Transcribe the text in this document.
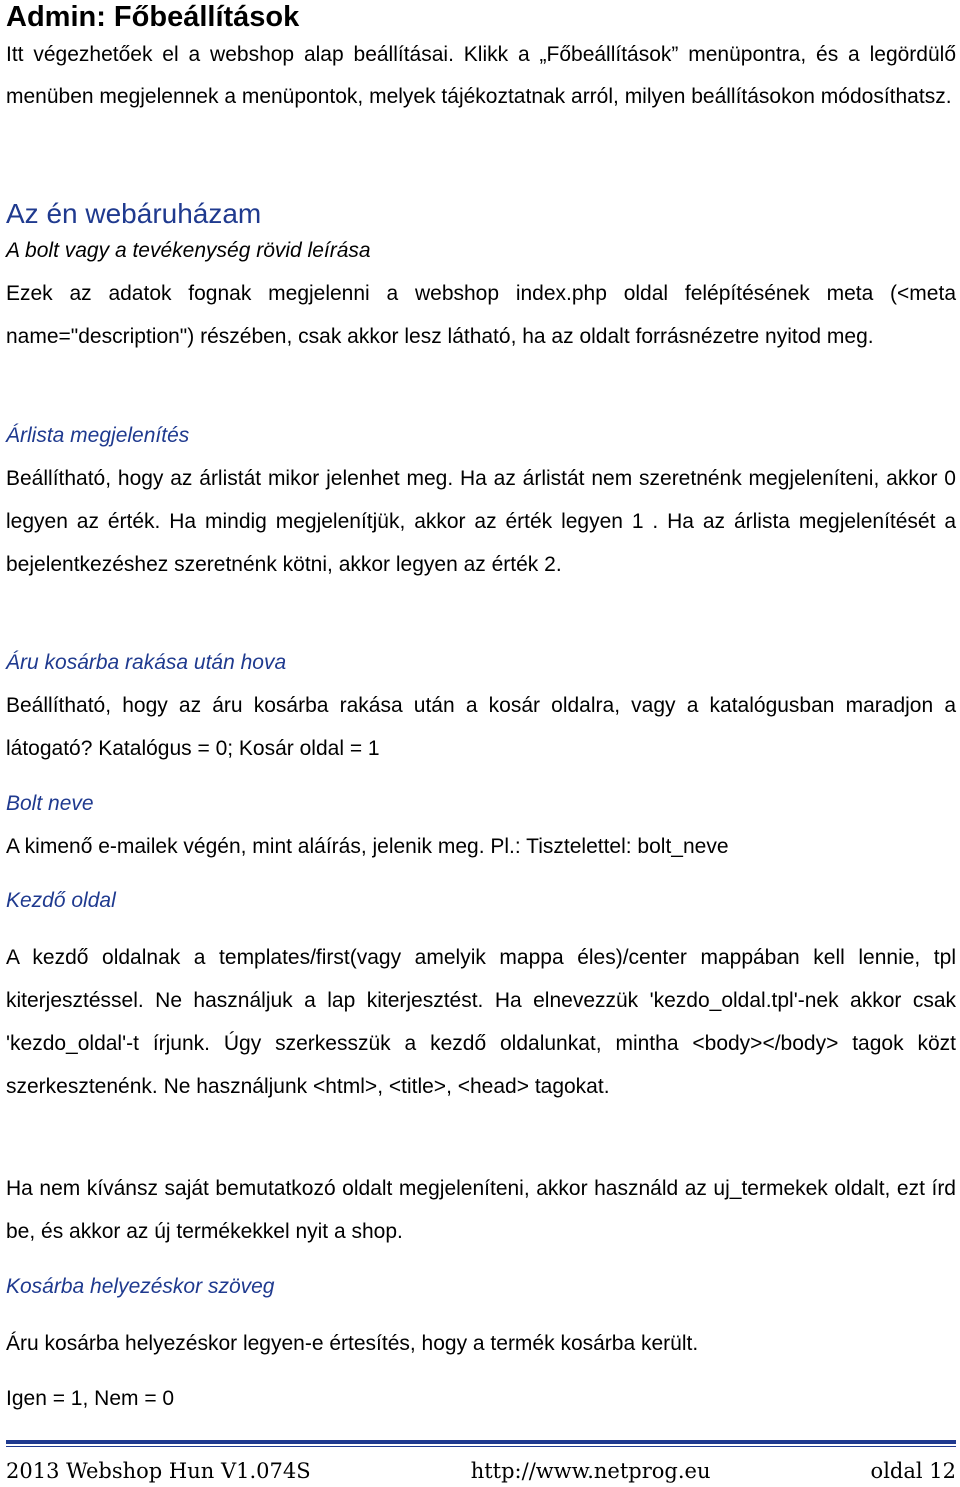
Admin: Főbeállítások

Itt végezhetőek el a webshop alap beállításai. Klikk a „Főbeállítások” menüpontra, és a legördülő menüben megjelennek a menüpontok, melyek tájékoztatnak arról, milyen beállításokon módosíthatsz.

Az én webáruházam
A bolt vagy a tevékenység rövid leírása

Ezek az adatok fognak megjelenni a webshop index.php oldal felépítésének meta (<meta name="description") részében, csak akkor lesz látható, ha az oldalt forrásnézetre nyitod meg.

Árlista megjelenítés

Beállítható, hogy az árlistát mikor jelenhet meg. Ha az árlistát nem szeretnénk megjeleníteni, akkor 0 legyen az érték. Ha mindig megjelenítjük, akkor az érték legyen 1 . Ha az árlista megjelenítését a bejelentkezéshez szeretnénk kötni, akkor legyen az érték 2.

Áru kosárba rakása után hova

Beállítható, hogy az áru kosárba rakása után a kosár oldalra, vagy a katalógusban maradjon a látogató? Katalógus = 0; Kosár oldal = 1

Bolt neve

A kimenő e-mailek végén, mint aláírás, jelenik meg. Pl.: Tisztelettel: bolt_neve

Kezdő oldal

A kezdő oldalnak a templates/first(vagy amelyik mappa éles)/center mappában kell lennie, tpl kiterjesztéssel. Ne használjuk a lap kiterjesztést. Ha elnevezzük 'kezdo_oldal.tpl'-nek akkor csak 'kezdo_oldal'-t írjunk. Úgy szerkesszük a kezdő oldalunkat, mintha <body></body> tagok közt szerkesztenénk. Ne használjunk <html>, <title>, <head> tagokat.

Ha nem kívánsz saját bemutatkozó oldalt megjeleníteni, akkor használd az uj_termekek oldalt, ezt írd be, és akkor az új termékekkel nyit a shop.

Kosárba helyezéskor szöveg

Áru kosárba helyezéskor legyen-e értesítés, hogy a termék kosárba került.

Igen = 1, Nem = 0

2013 Webshop Hun V1.074S	http://www.netprog.eu	oldal 12
